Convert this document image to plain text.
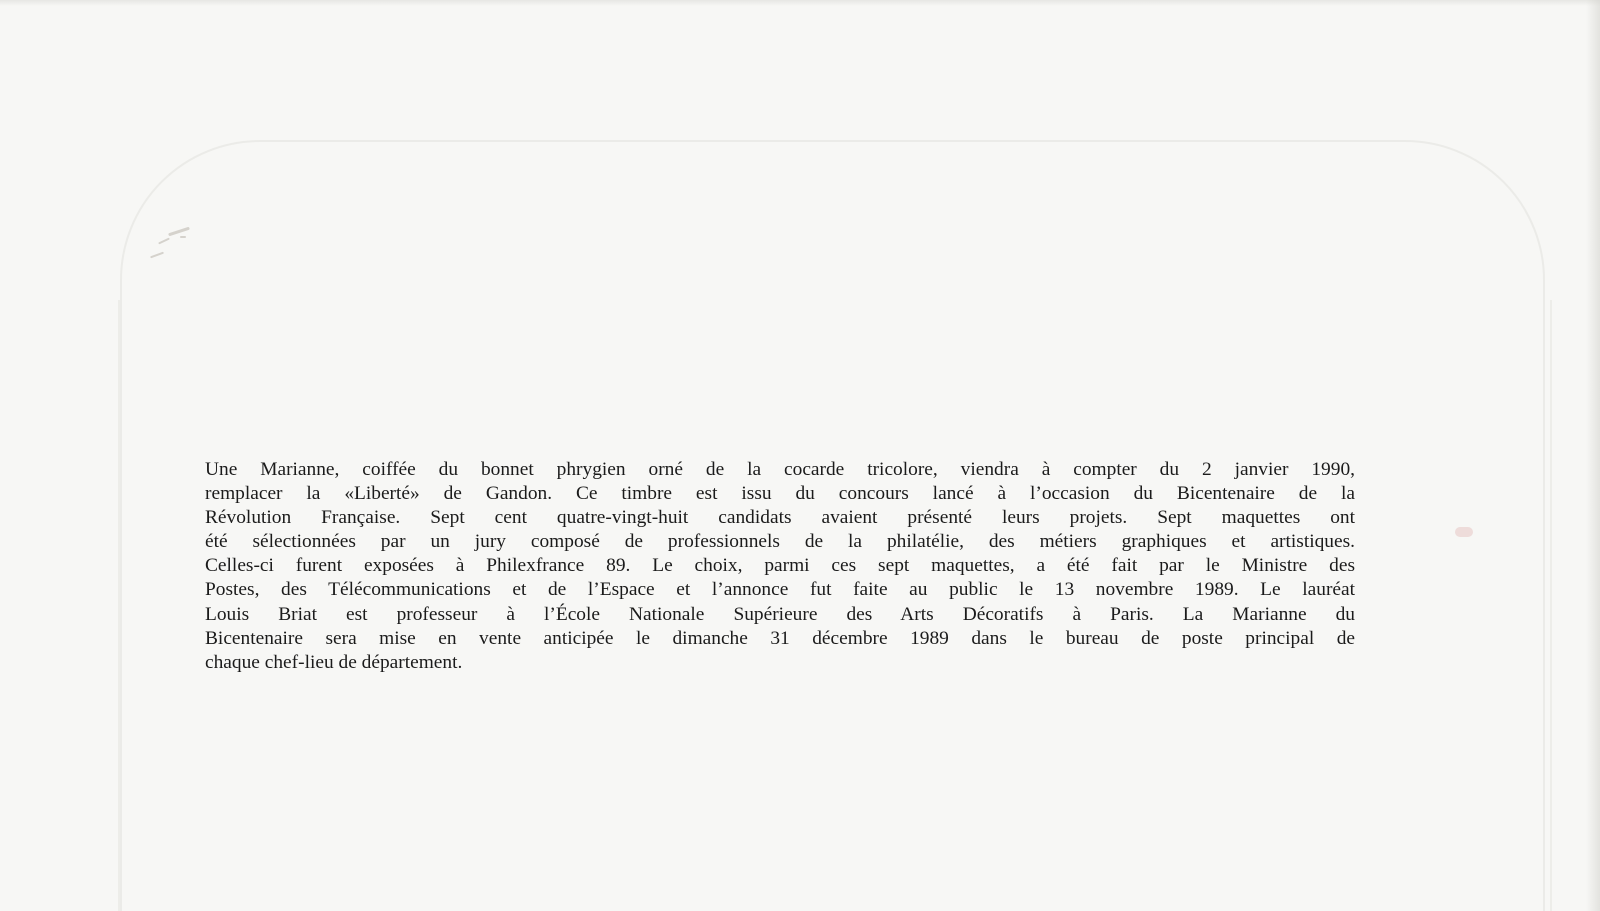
Une Marianne, coiffée du bonnet phrygien orné de la cocarde tricolore, viendra à compter du 2 janvier 1990,
remplacer la «Liberté» de Gandon. Ce timbre est issu du concours lancé à l’occasion du Bicentenaire de la
Révolution Française. Sept cent quatre-vingt-huit candidats avaient présenté leurs projets. Sept maquettes ont
été sélectionnées par un jury composé de professionnels de la philatélie, des métiers graphiques et artistiques.
Celles-ci furent exposées à Philexfrance 89. Le choix, parmi ces sept maquettes, a été fait par le Ministre des
Postes, des Télécommunications et de l’Espace et l’annonce fut faite au public le 13 novembre 1989. Le lauréat
Louis Briat est professeur à l’École Nationale Supérieure des Arts Décoratifs à Paris. La Marianne du
Bicentenaire sera mise en vente anticipée le dimanche 31 décembre 1989 dans le bureau de poste principal de
chaque chef-lieu de département.
